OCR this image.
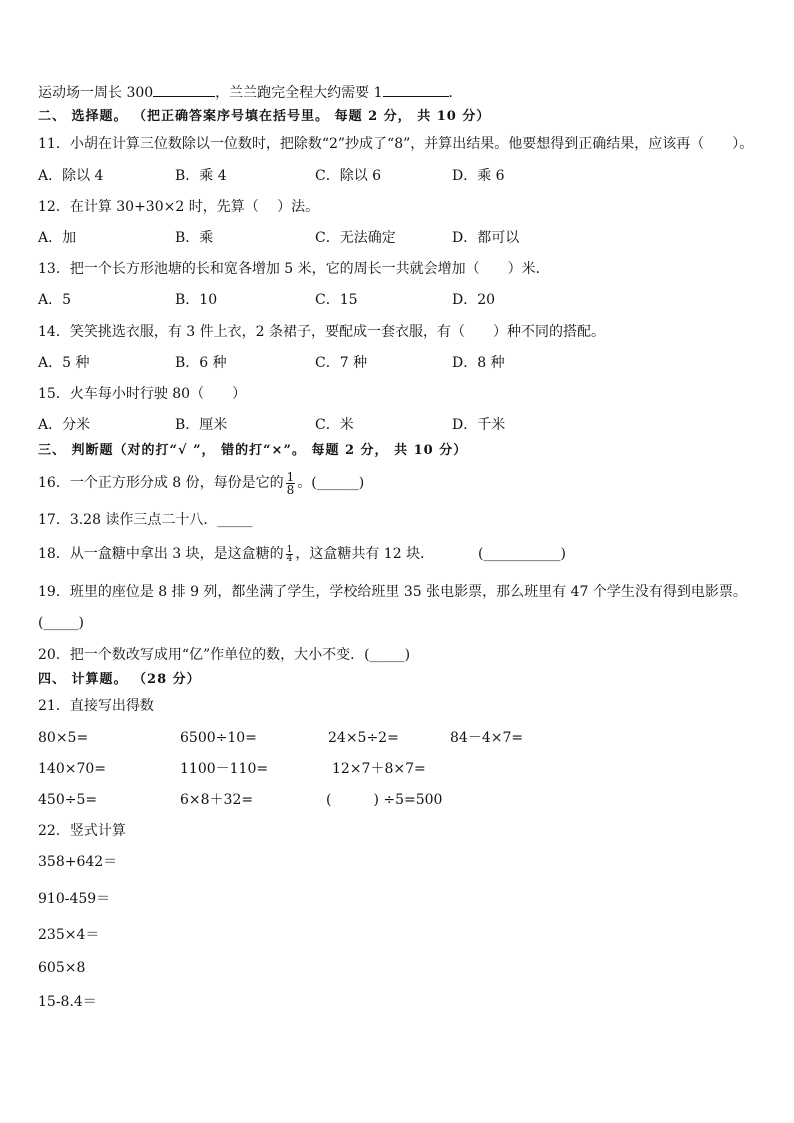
运动场一周长 300	，兰兰跑完全程大约需要 1	．
二、 选择题。 （把正确答案序号填在括号里。 每题 2 分， 共 10 分）
11．小胡在计算三位数除以一位数时，把除数“2”抄成了“8”，并算出结果。他要想得到正确结果，应该再（　　）。
A．除以 4	B．乘 4	C．除以 6	D．乘 6
12．在计算 30+30×2 时，先算（　 ）法。
A．加	B．乘	C．无法确定	D．都可以
13．把一个长方形池塘的长和宽各增加 5 米，它的周长一共就会增加（　　）米．
A．5	B．10	C．15	D．20
14．笑笑挑选衣服，有 3 件上衣，2 条裙子，要配成一套衣服，有（　　）种不同的搭配。
A．5 种	B．6 种	C．7 种	D．8 种
15．火车每小时行驶 80（　　）
A．分米	B．厘米	C．米	D．千米
三、 判断题（对的打“√ ”， 错的打“×”。 每题 2 分， 共 10 分）
16．一个正方形分成 8 份，每份是它的 $\frac{1}{8}$ 。(______)
17．3.28 读作三点二十八．_____
18．从一盒糖中拿出 3 块，是这盒糖的 $\frac{1}{4}$ ，这盒糖共有 12 块．	(___________)
19．班里的座位是 8 排 9 列，都坐满了学生，学校给班里 35 张电影票，那么班里有 47 个学生没有得到电影票。
(_____)
20．把一个数改写成用“亿”作单位的数，大小不变．(_____)
四、 计算题。 （28 分）
21．直接写出得数
80×5=	6500÷10=	24×5÷2=	84－4×7=
140×70=	1100－110=	12×7＋8×7=
450÷5=	6×8＋32=	(　　　) ÷5=500
22．竖式计算
358+642＝
910-459＝
235×4＝
605×8
15-8.4＝
